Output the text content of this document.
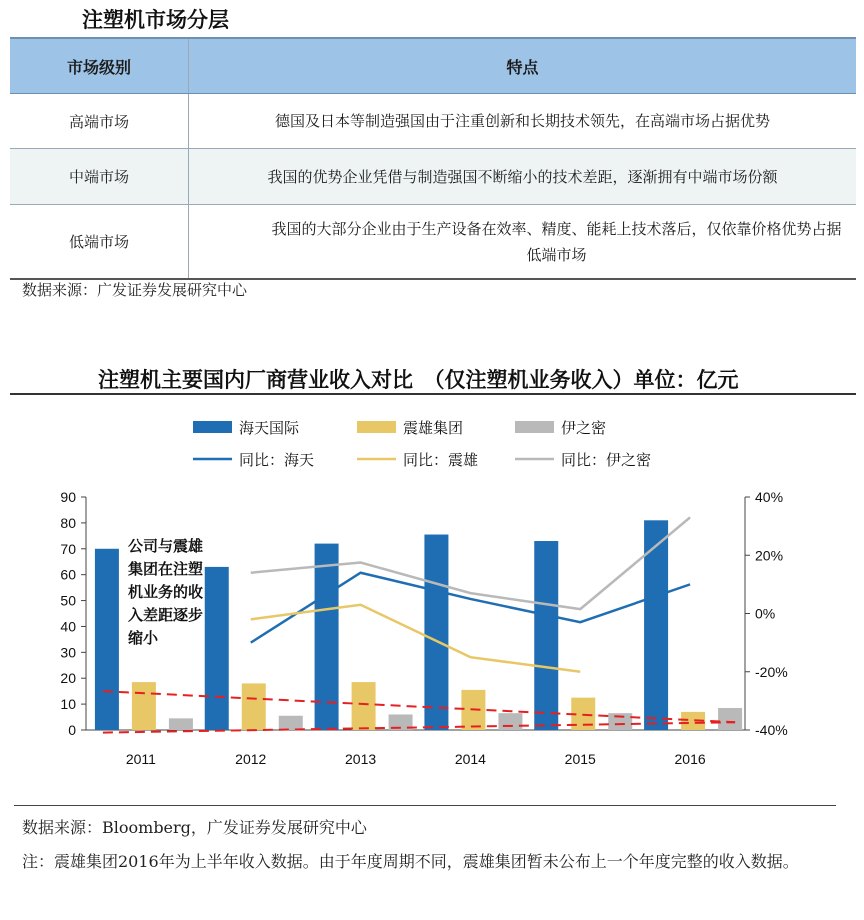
注塑机市场分层
市场级别	特点
高端市场	德国及日本等制造强国由于注重创新和长期技术领先，在高端市场占据优势
中端市场	我国的优势企业凭借与制造强国不断缩小的技术差距，逐渐拥有中端市场份额
低端市场	我国的大部分企业由于生产设备在效率、精度、能耗上技术落后，仅依靠价格优势占据低端市场
数据来源：广发证券发展研究中心
注塑机主要国内厂商营业收入对比　（仅注塑机业务收入）单位：亿元
0
10
20
30
40
50
60
70
80
90
-40%
-20%
0%
20%
40%
2011	2012	2013	2014	2015	2016
公司与震雄
集团在注塑
机业务的收
入差距逐步
缩小
海天国际	震雄集团	伊之密
同比：海天	同比：震雄	同比：伊之密
数据来源：Bloomberg，广发证券发展研究中心
注：震雄集团2016年为上半年收入数据。由于年度周期不同，震雄集团暂未公布上一个年度完整的收入数据。
